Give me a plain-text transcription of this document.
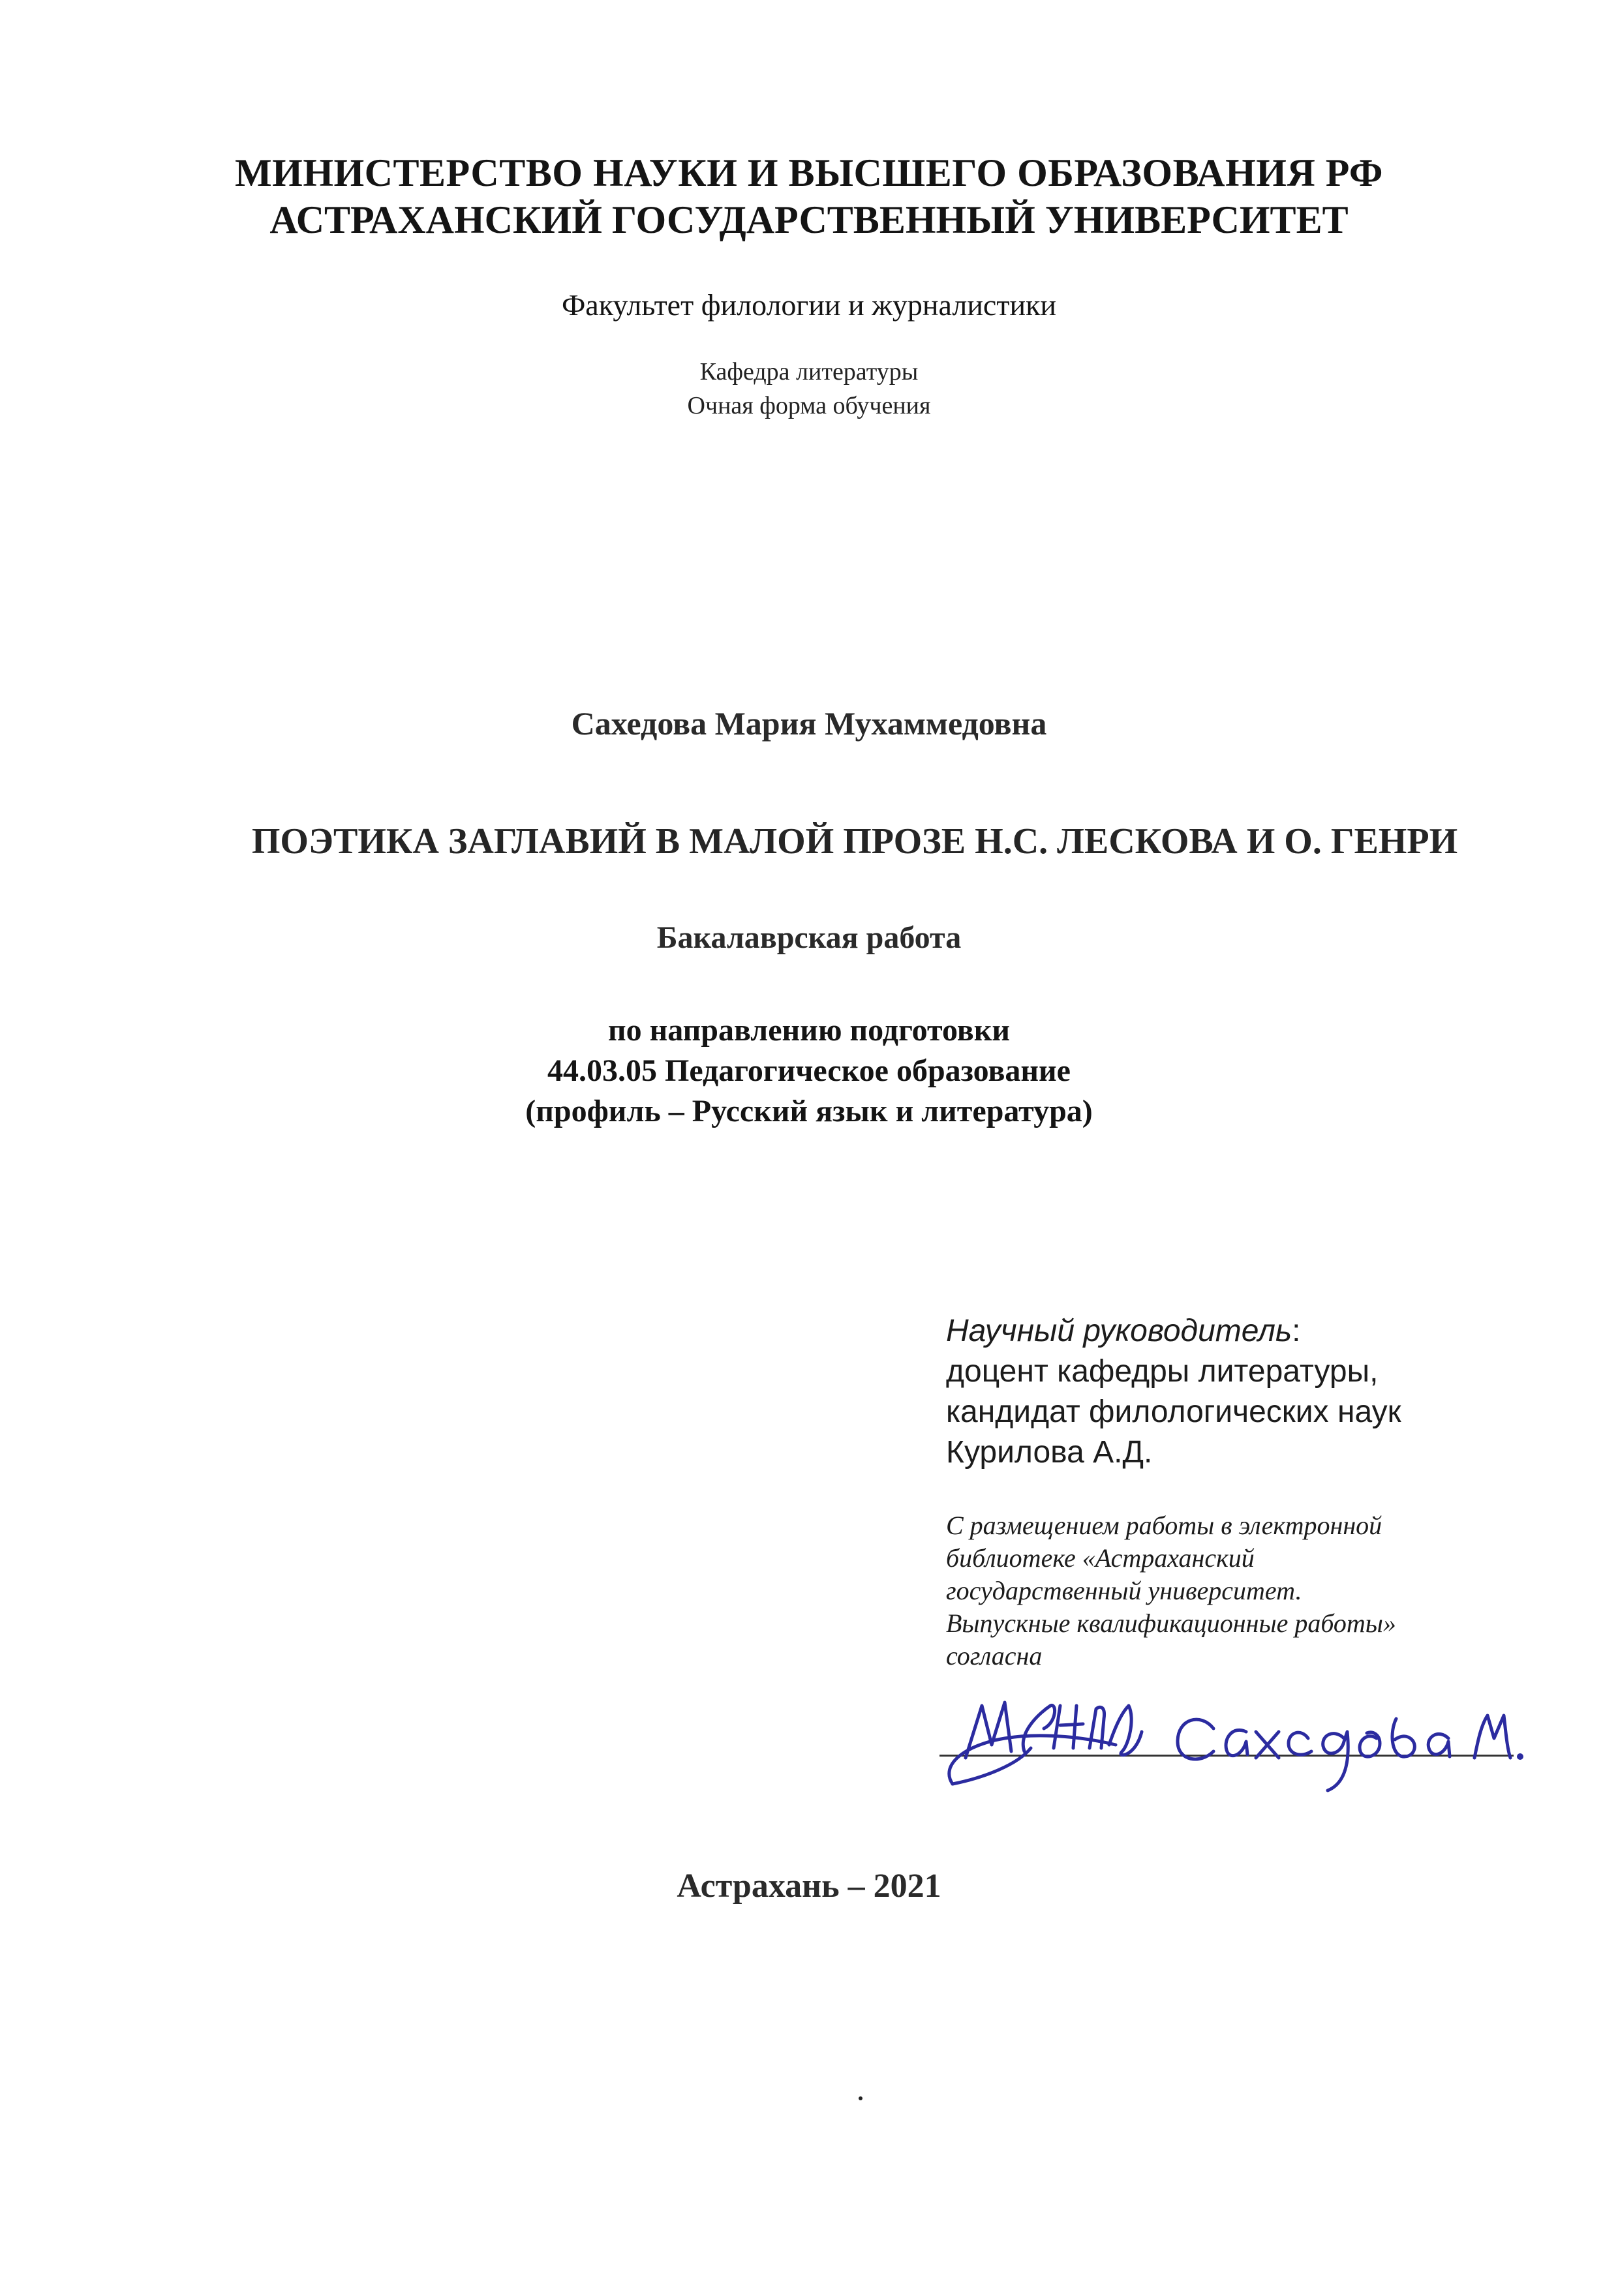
МИНИСТЕРСТВО НАУКИ И ВЫСШЕГО ОБРАЗОВАНИЯ РФ
АСТРАХАНСКИЙ ГОСУДАРСТВЕННЫЙ УНИВЕРСИТЕТ
Факультет филологии и журналистики
Кафедра литературы
Очная форма обучения
Сахедова Мария Мухаммедовна
ПОЭТИКА ЗАГЛАВИЙ В МАЛОЙ ПРОЗЕ Н.С. ЛЕСКОВА И О. ГЕНРИ
Бакалаврская работа
по направлению подготовки
44.03.05 Педагогическое образование
(профиль – Русский язык и литература)
Научный руководитель:
доцент кафедры литературы,
кандидат филологических наук
Курилова А.Д.
С размещением работы в электронной
библиотеке «Астраханский
государственный университет.
Выпускные квалификационные работы»
согласна
Астрахань – 2021
